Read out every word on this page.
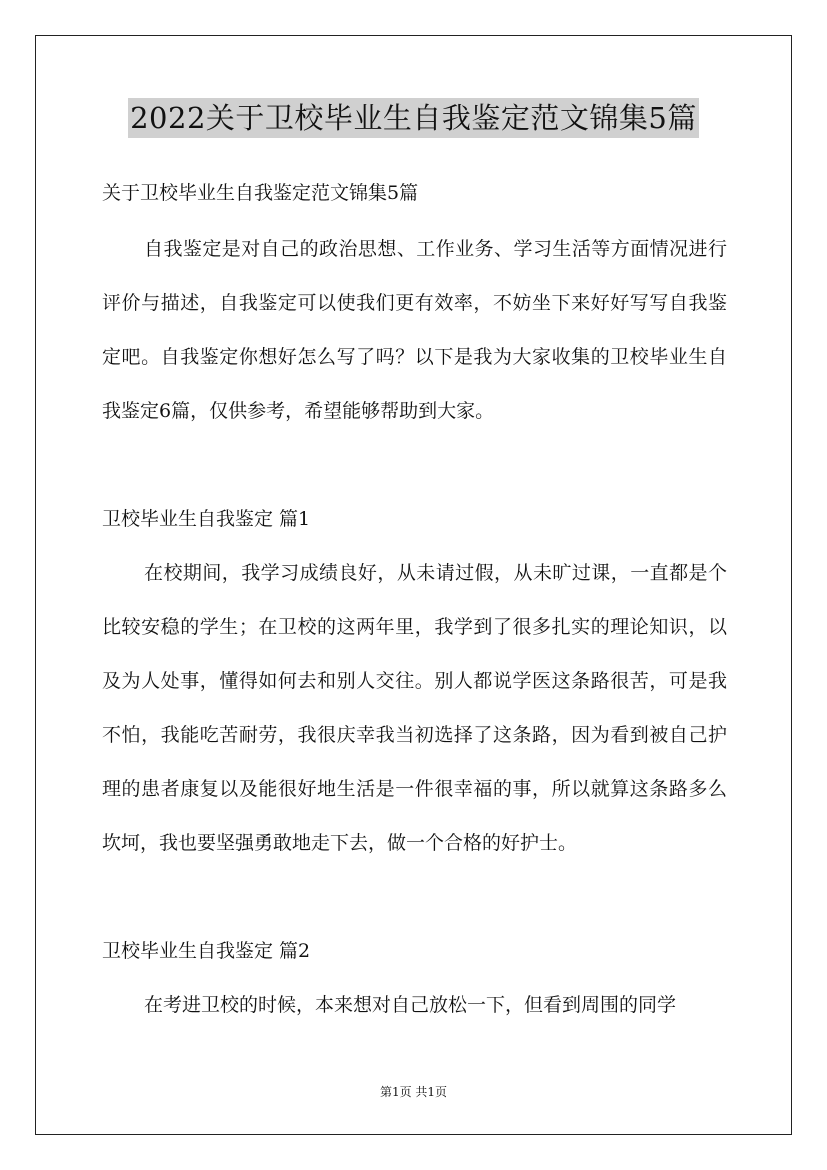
2022关于卫校毕业生自我鉴定范文锦集5篇
关于卫校毕业生自我鉴定范文锦集5篇

自我鉴定是对自己的政治思想、工作业务、学习生活等方面情况进行评价与描述，自我鉴定可以使我们更有效率，不妨坐下来好好写写自我鉴定吧。自我鉴定你想好怎么写了吗？以下是我为大家收集的卫校毕业生自我鉴定6篇，仅供参考，希望能够帮助到大家。

卫校毕业生自我鉴定 篇1

在校期间，我学习成绩良好，从未请过假，从未旷过课，一直都是个比较安稳的学生；在卫校的这两年里，我学到了很多扎实的理论知识，以及为人处事，懂得如何去和别人交往。别人都说学医这条路很苦，可是我不怕，我能吃苦耐劳，我很庆幸我当初选择了这条路，因为看到被自己护理的患者康复以及能很好地生活是一件很幸福的事，所以就算这条路多么坎坷，我也要坚强勇敢地走下去，做一个合格的好护士。

卫校毕业生自我鉴定 篇2

在考进卫校的时候，本来想对自己放松一下，但看到周围的同学

第1页 共1页
